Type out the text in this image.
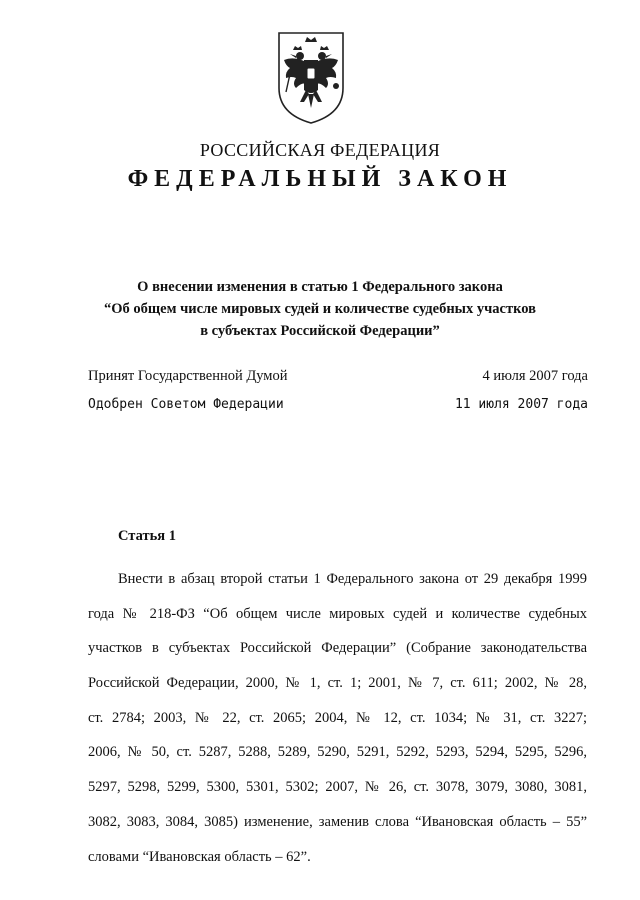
РОССИЙСКАЯ ФЕДЕРАЦИЯ
ФЕДЕРАЛЬНЫЙ ЗАКОН
О внесении изменения в статью 1 Федерального закона
“Об общем числе мировых судей и количестве судебных участков
в субъектах Российской Федерации”
Принят Государственной Думой	4 июля 2007 года
Одобрен Советом Федерации	11 июля 2007 года
Статья 1
Внести в абзац второй статьи 1 Федерального закона от 29 декабря 1999
года № 218-ФЗ “Об общем числе мировых судей и количестве судебных
участков в субъектах Российской Федерации” (Собрание законодательства
Российской Федерации, 2000, № 1, ст. 1; 2001, № 7, ст. 611; 2002, № 28,
ст. 2784; 2003, № 22, ст. 2065; 2004, № 12, ст. 1034; № 31, ст. 3227;
2006, № 50, ст. 5287, 5288, 5289, 5290, 5291, 5292, 5293, 5294, 5295, 5296,
5297, 5298, 5299, 5300, 5301, 5302; 2007, № 26, ст. 3078, 3079, 3080, 3081,
3082, 3083, 3084, 3085) изменение, заменив слова “Ивановская область – 55”
словами “Ивановская область – 62”.
